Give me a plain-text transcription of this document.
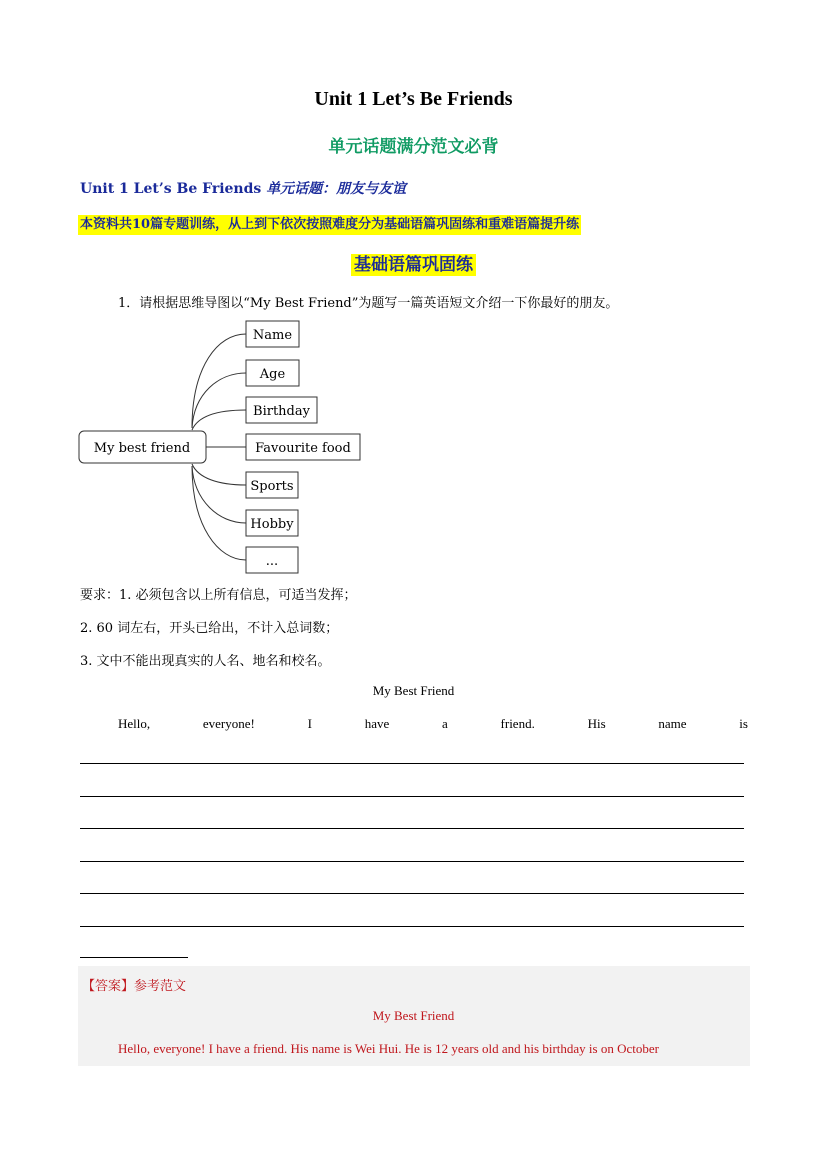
Unit 1 Let’s Be Friends
单元话题满分范文必背
Unit 1 Let’s Be Friends 单元话题：朋友与友谊
本资料共10篇专题训练，从上到下依次按照难度分为基础语篇巩固练和重难语篇提升练
基础语篇巩固练
1．请根据思维导图以“My Best Friend”为题写一篇英语短文介绍一下你最好的朋友。
My best friend
Name
Age
Birthday
Favourite food
Sports
Hobby
...
要求：1. 必须包含以上所有信息，可适当发挥；
2. 60 词左右，开头已给出，不计入总词数；
3. 文中不能出现真实的人名、地名和校名。
My Best Friend
Hello,	everyone!	I	have	a	friend.	His	name	is
【答案】参考范文
My Best Friend
Hello, everyone! I have a friend. His name is Wei Hui. He is 12 years old and his birthday is on October
